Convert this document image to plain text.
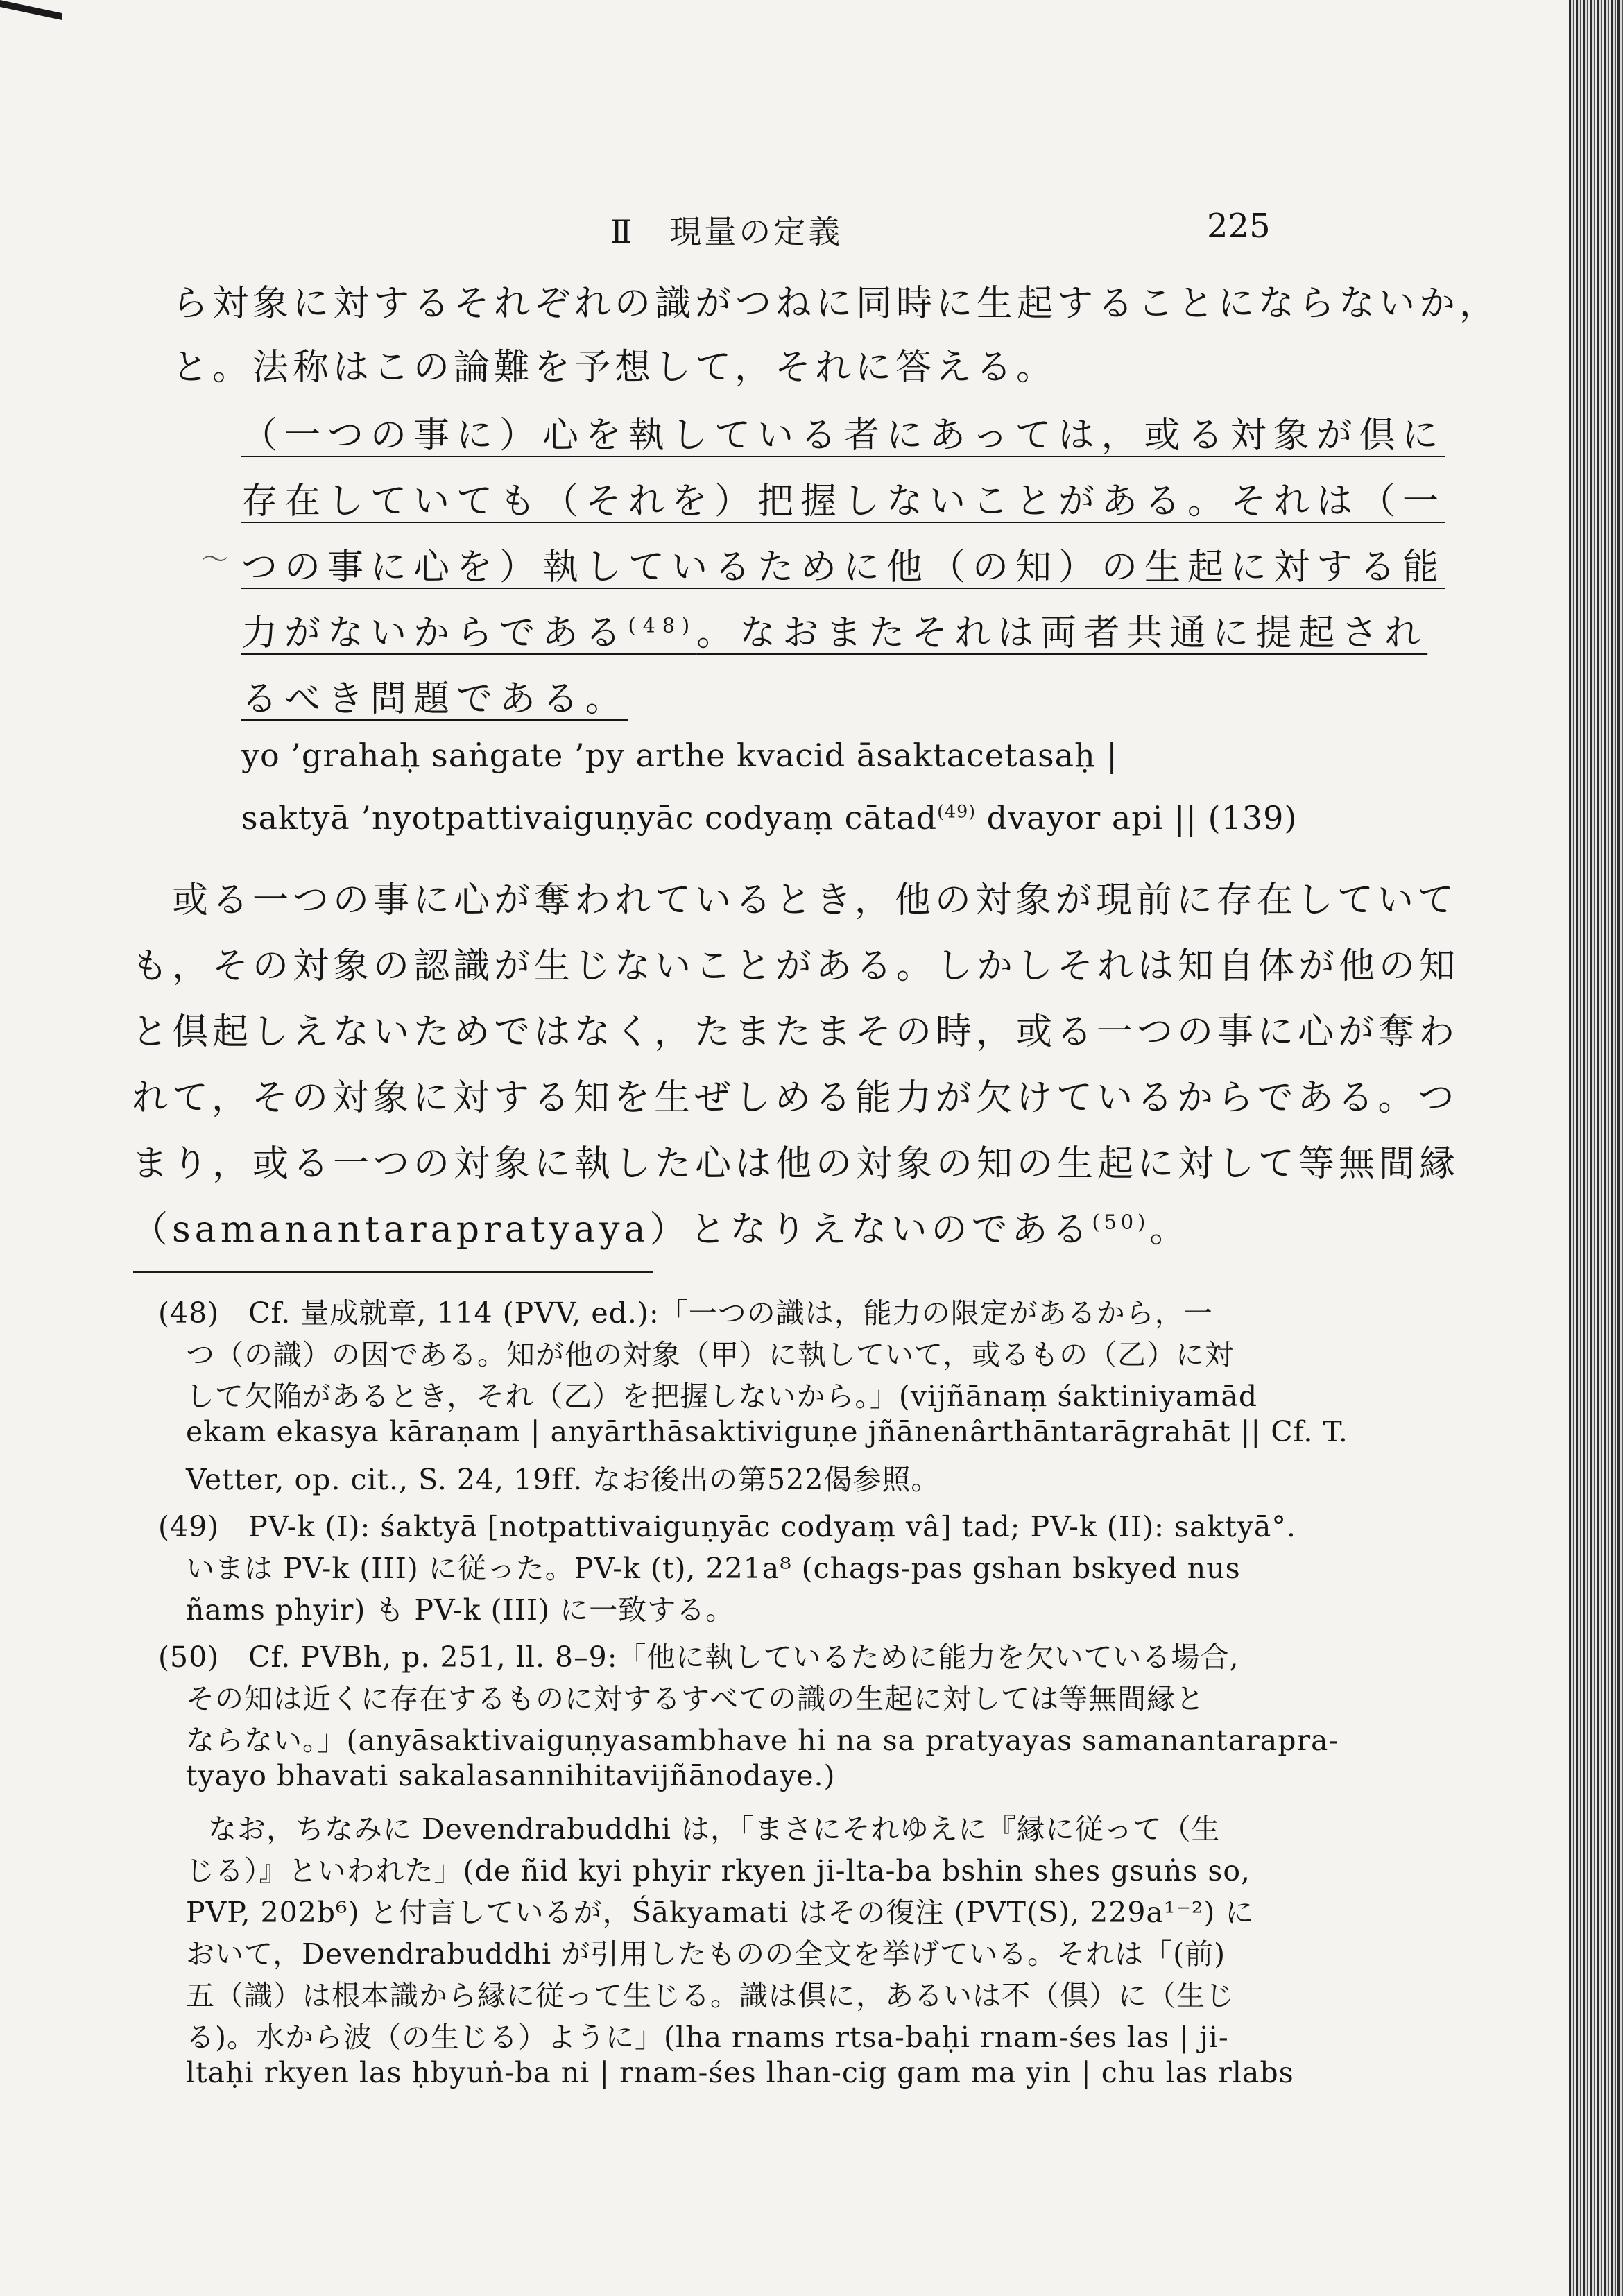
Ⅱ　現量の定義	225
ら対象に対するそれぞれの識がつねに同時に生起することにならないか，
と。法称はこの論難を予想して，それに答える。
（一つの事に）心を執している者にあっては，或る対象が倶に
存在していても（それを）把握しないことがある。それは（一
〜 つの事に心を）執しているために他（の知）の生起に対する能
力がないからである$^{(48)}$。なおまたそれは両者共通に提起され
るべき問題である。
yo ’grahaḥ saṅgate ’py arthe kvacid āsaktacetasaḥ |
saktyā ’nyotpattivaiguṇyāc codyaṃ cātad$^{(49)}$ dvayor api || (139)
或る一つの事に心が奪われているとき，他の対象が現前に存在していて
も，その対象の認識が生じないことがある。しかしそれは知自体が他の知
と倶起しえないためではなく，たまたまその時，或る一つの事に心が奪わ
れて，その対象に対する知を生ぜしめる能力が欠けているからである。つ
まり，或る一つの対象に執した心は他の対象の知の生起に対して等無間縁
（samanantarapratyaya）となりえないのである$^{(50)}$。
(48)　Cf. 量成就章, 114 (PVV, ed.):「一つの識は，能力の限定があるから，一
つ（の識）の因である。知が他の対象（甲）に執していて，或るもの（乙）に対
して欠陥があるとき，それ（乙）を把握しないから。」(vijñānaṃ śaktiniyamād
ekam ekasya kāraṇam | anyārthāsaktiviguṇe jñānenârthāntarāgrahāt || Cf. T.
Vetter, op. cit., S. 24, 19ff. なお後出の第522偈参照。
(49)　PV-k (I): śaktyā [notpattivaiguṇyāc codyaṃ vâ] tad; PV-k (II): saktyā°.
いまは PV-k (III) に従った。PV-k (t), 221a⁸ (chags-pas gshan bskyed nus
ñams phyir) も PV-k (III) に一致する。
(50)　Cf. PVBh, p. 251, ll. 8–9:「他に執しているために能力を欠いている場合,
その知は近くに存在するものに対するすべての識の生起に対しては等無間縁と
ならない。」(anyāsaktivaiguṇyasambhave hi na sa pratyayas samanantarapra-
tyayo bhavati sakalasannihitavijñānodaye.)
なお，ちなみに Devendrabuddhi は，「まさにそれゆえに『縁に従って（生
じる）』といわれた」(de ñid kyi phyir rkyen ji-lta-ba bshin shes gsuṅs so,
PVP, 202b⁶) と付言しているが，Śākyamati はその復注 (PVT(S), 229a¹⁻²) に
おいて，Devendrabuddhi が引用したものの全文を挙げている。それは「(前)
五（識）は根本識から縁に従って生じる。識は倶に，あるいは不（倶）に（生じ
る)。水から波（の生じる）ように」(lha rnams rtsa-baḥi rnam-śes las | ji-
ltaḥi rkyen las ḥbyuṅ-ba ni | rnam-śes lhan-cig gam ma yin | chu las rlabs
